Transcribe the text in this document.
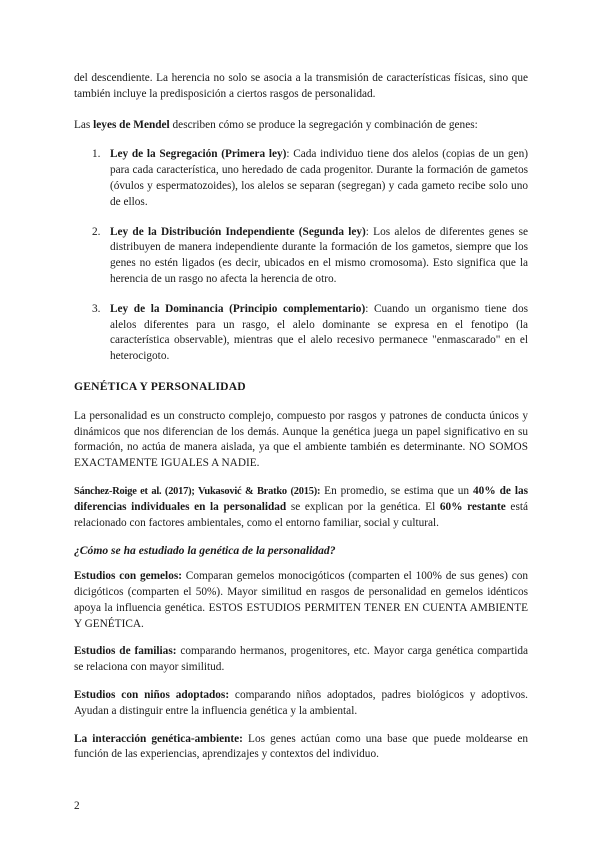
del descendiente. La herencia no solo se asocia a la transmisión de características físicas, sino que también incluye la predisposición a ciertos rasgos de personalidad.

Las leyes de Mendel describen cómo se produce la segregación y combinación de genes:

1. Ley de la Segregación (Primera ley): Cada individuo tiene dos alelos (copias de un gen) para cada característica, uno heredado de cada progenitor. Durante la formación de gametos (óvulos y espermatozoides), los alelos se separan (segregan) y cada gameto recibe solo uno de ellos.
2. Ley de la Distribución Independiente (Segunda ley): Los alelos de diferentes genes se distribuyen de manera independiente durante la formación de los gametos, siempre que los genes no estén ligados (es decir, ubicados en el mismo cromosoma). Esto significa que la herencia de un rasgo no afecta la herencia de otro.
3. Ley de la Dominancia (Principio complementario): Cuando un organismo tiene dos alelos diferentes para un rasgo, el alelo dominante se expresa en el fenotipo (la característica observable), mientras que el alelo recesivo permanece "enmascarado" en el heterocigoto.
GENÉTICA Y PERSONALIDAD

La personalidad es un constructo complejo, compuesto por rasgos y patrones de conducta únicos y dinámicos que nos diferencian de los demás. Aunque la genética juega un papel significativo en su formación, no actúa de manera aislada, ya que el ambiente también es determinante. NO SOMOS EXACTAMENTE IGUALES A NADIE.

Sánchez-Roige et al. (2017); Vukasović & Bratko (2015): En promedio, se estima que un 40% de las diferencias individuales en la personalidad se explican por la genética. El 60% restante está relacionado con factores ambientales, como el entorno familiar, social y cultural.

¿Cómo se ha estudiado la genética de la personalidad?

Estudios con gemelos: Comparan gemelos monocigóticos (comparten el 100% de sus genes) con dicigóticos (comparten el 50%). Mayor similitud en rasgos de personalidad en gemelos idénticos apoya la influencia genética. ESTOS ESTUDIOS PERMITEN TENER EN CUENTA AMBIENTE Y GENÉTICA.

Estudios de familias: comparando hermanos, progenitores, etc. Mayor carga genética compartida se relaciona con mayor similitud.

Estudios con niños adoptados: comparando niños adoptados, padres biológicos y adoptivos. Ayudan a distinguir entre la influencia genética y la ambiental.

La interacción genética-ambiente: Los genes actúan como una base que puede moldearse en función de las experiencias, aprendizajes y contextos del individuo.

2
